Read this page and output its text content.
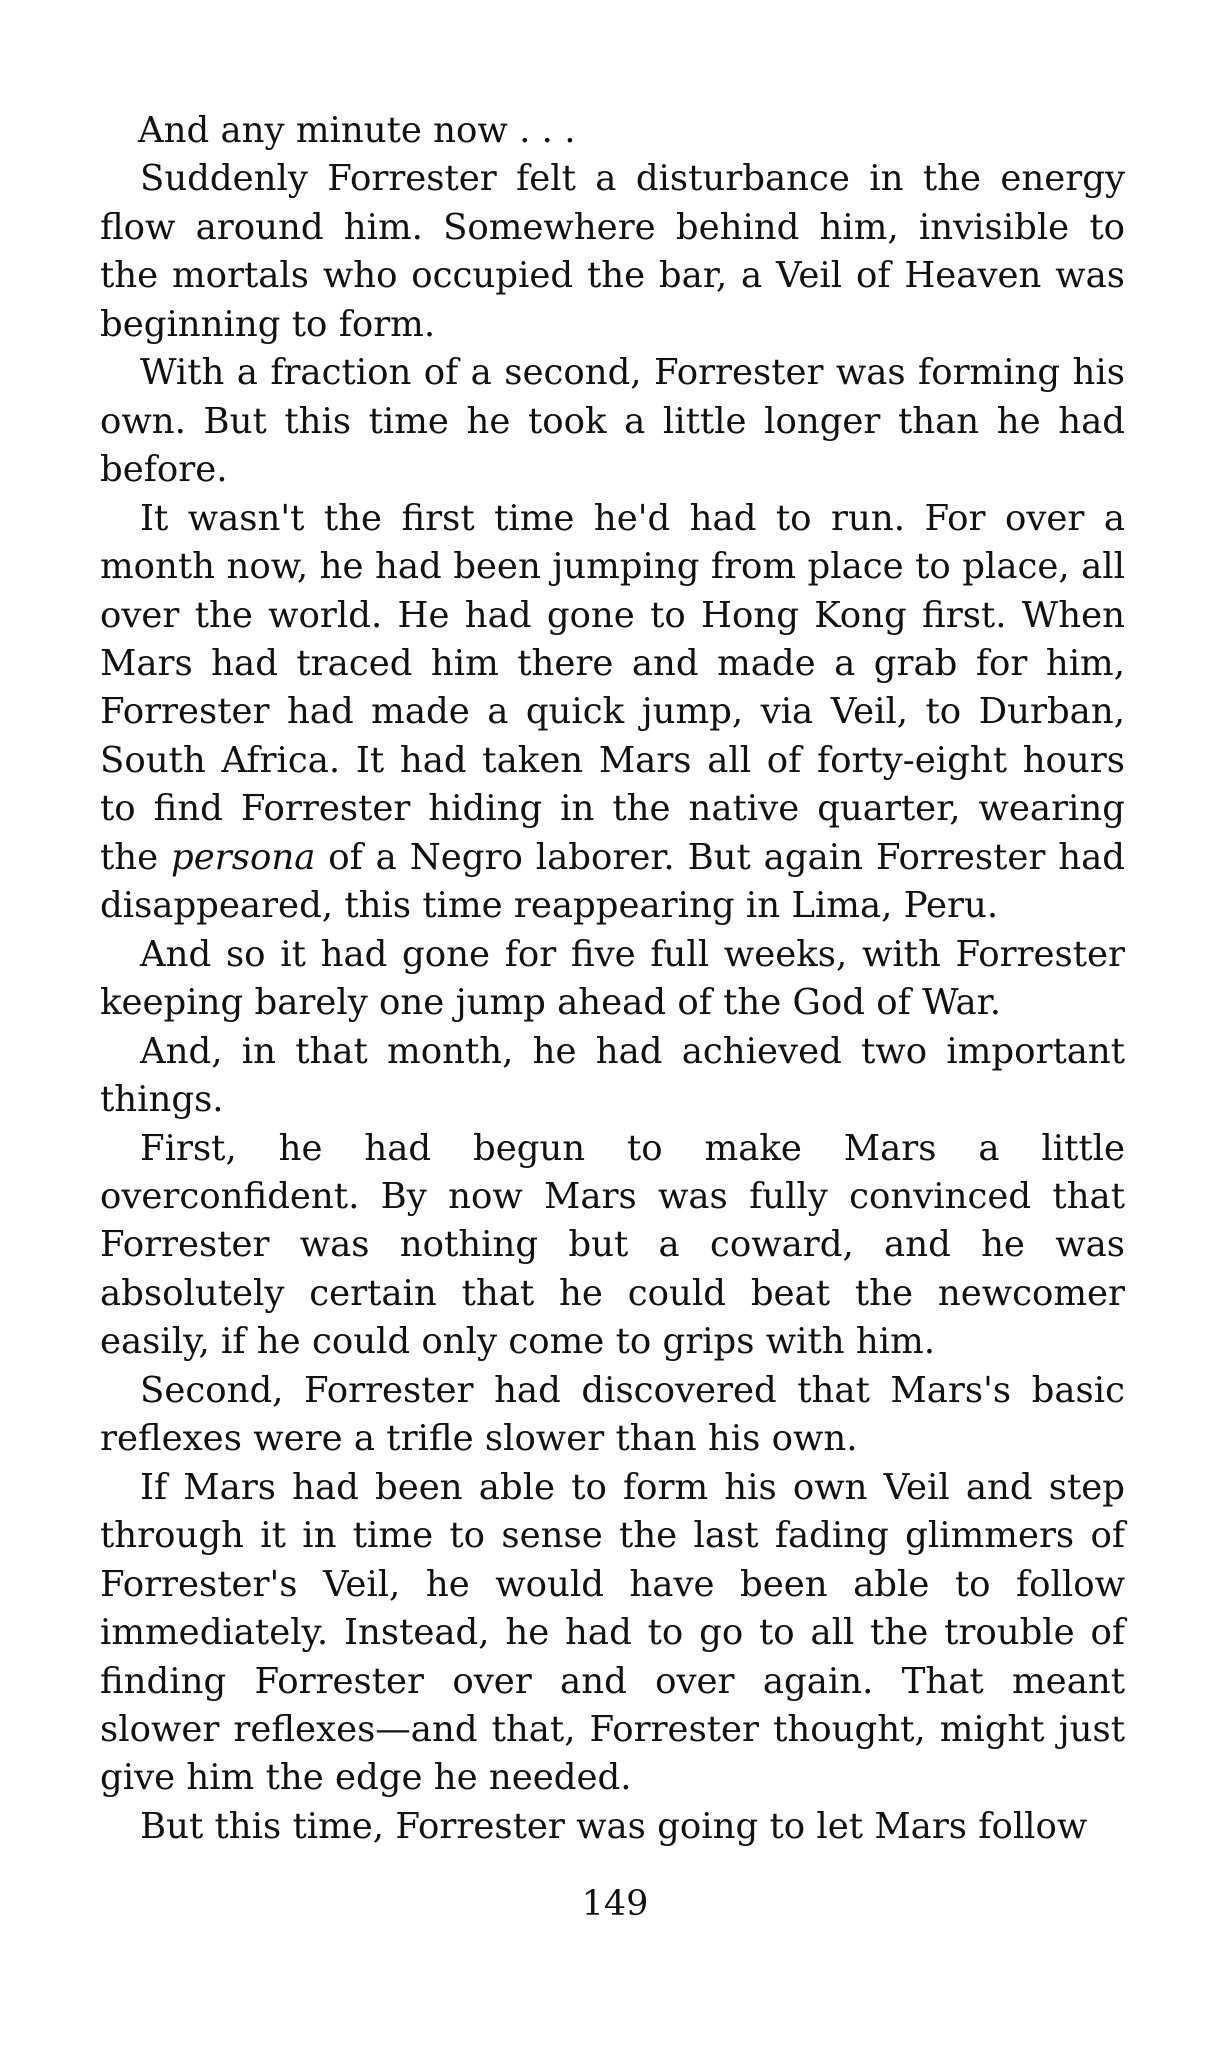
And any minute now . . .

Suddenly Forrester felt a disturbance in the energy flow around him. Somewhere behind him, invisible to the mortals who occupied the bar, a Veil of Heaven was beginning to form.

With a fraction of a second, Forrester was forming his own. But this time he took a little longer than he had before.

It wasn't the first time he'd had to run. For over a month now, he had been jumping from place to place, all over the world. He had gone to Hong Kong first. When Mars had traced him there and made a grab for him, Forrester had made a quick jump, via Veil, to Durban, South Africa. It had taken Mars all of forty-eight hours to find Forrester hiding in the native quarter, wearing the persona of a Negro laborer. But again Forrester had disappeared, this time reappearing in Lima, Peru.

And so it had gone for five full weeks, with Forrester keeping barely one jump ahead of the God of War.

And, in that month, he had achieved two important things.

First, he had begun to make Mars a little overconfident. By now Mars was fully convinced that Forrester was nothing but a coward, and he was absolutely certain that he could beat the newcomer easily, if he could only come to grips with him.

Second, Forrester had discovered that Mars's basic reflexes were a trifle slower than his own.

If Mars had been able to form his own Veil and step through it in time to sense the last fading glimmers of Forrester's Veil, he would have been able to follow immediately. Instead, he had to go to all the trouble of finding Forrester over and over again. That meant slower reflexes—and that, Forrester thought, might just give him the edge he needed.

But this time, Forrester was going to let Mars follow

149
